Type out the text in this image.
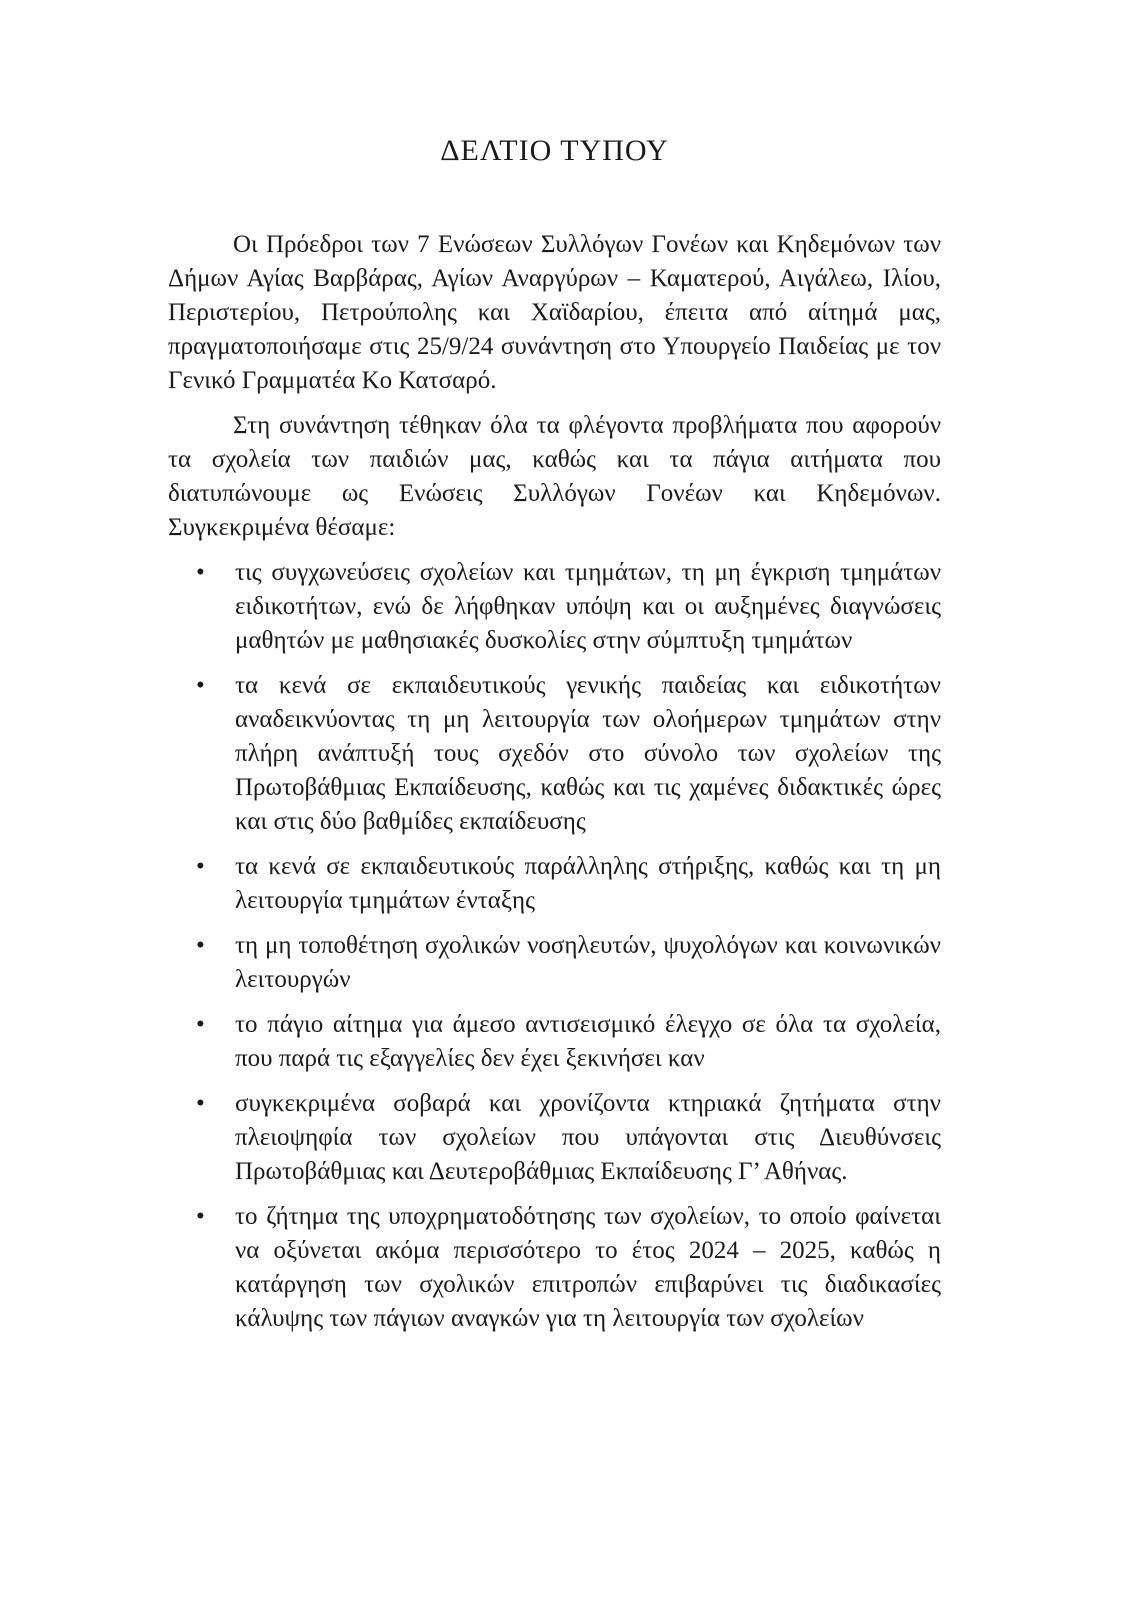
ΔΕΛΤΙΟ ΤΥΠΟΥ

Οι Πρόεδροι των 7 Ενώσεων Συλλόγων Γονέων και Κηδεμόνων των Δήμων Αγίας Βαρβάρας, Αγίων Αναργύρων – Καματερού, Αιγάλεω, Ιλίου, Περιστερίου, Πετρούπολης και Χαϊδαρίου, έπειτα από αίτημά μας, πραγματοποιήσαμε στις 25/9/24 συνάντηση στο Υπουργείο Παιδείας με τον Γενικό Γραμματέα Κο Κατσαρό.

Στη συνάντηση τέθηκαν όλα τα φλέγοντα προβλήματα που αφορούν τα σχολεία των παιδιών μας, καθώς και τα πάγια αιτήματα που διατυπώνουμε ως Ενώσεις Συλλόγων Γονέων και Κηδεμόνων. Συγκεκριμένα θέσαμε:

• τις συγχωνεύσεις σχολείων και τμημάτων, τη μη έγκριση τμημάτων ειδικοτήτων, ενώ δε λήφθηκαν υπόψη και οι αυξημένες διαγνώσεις μαθητών με μαθησιακές δυσκολίες στην σύμπτυξη τμημάτων
• τα κενά σε εκπαιδευτικούς γενικής παιδείας και ειδικοτήτων αναδεικνύοντας τη μη λειτουργία των ολοήμερων τμημάτων στην πλήρη ανάπτυξή τους σχεδόν στο σύνολο των σχολείων της Πρωτοβάθμιας Εκπαίδευσης, καθώς και τις χαμένες διδακτικές ώρες και στις δύο βαθμίδες εκπαίδευσης
• τα κενά σε εκπαιδευτικούς παράλληλης στήριξης, καθώς και τη μη λειτουργία τμημάτων ένταξης
• τη μη τοποθέτηση σχολικών νοσηλευτών, ψυχολόγων και κοινωνικών λειτουργών
• το πάγιο αίτημα για άμεσο αντισεισμικό έλεγχο σε όλα τα σχολεία, που παρά τις εξαγγελίες δεν έχει ξεκινήσει καν
• συγκεκριμένα σοβαρά και χρονίζοντα κτηριακά ζητήματα στην πλειοψηφία των σχολείων που υπάγονται στις Διευθύνσεις Πρωτοβάθμιας και Δευτεροβάθμιας Εκπαίδευσης Γ’ Αθήνας.
• το ζήτημα της υποχρηματοδότησης των σχολείων, το οποίο φαίνεται να οξύνεται ακόμα περισσότερο το έτος 2024 – 2025, καθώς η κατάργηση των σχολικών επιτροπών επιβαρύνει τις διαδικασίες κάλυψης των πάγιων αναγκών για τη λειτουργία των σχολείων
